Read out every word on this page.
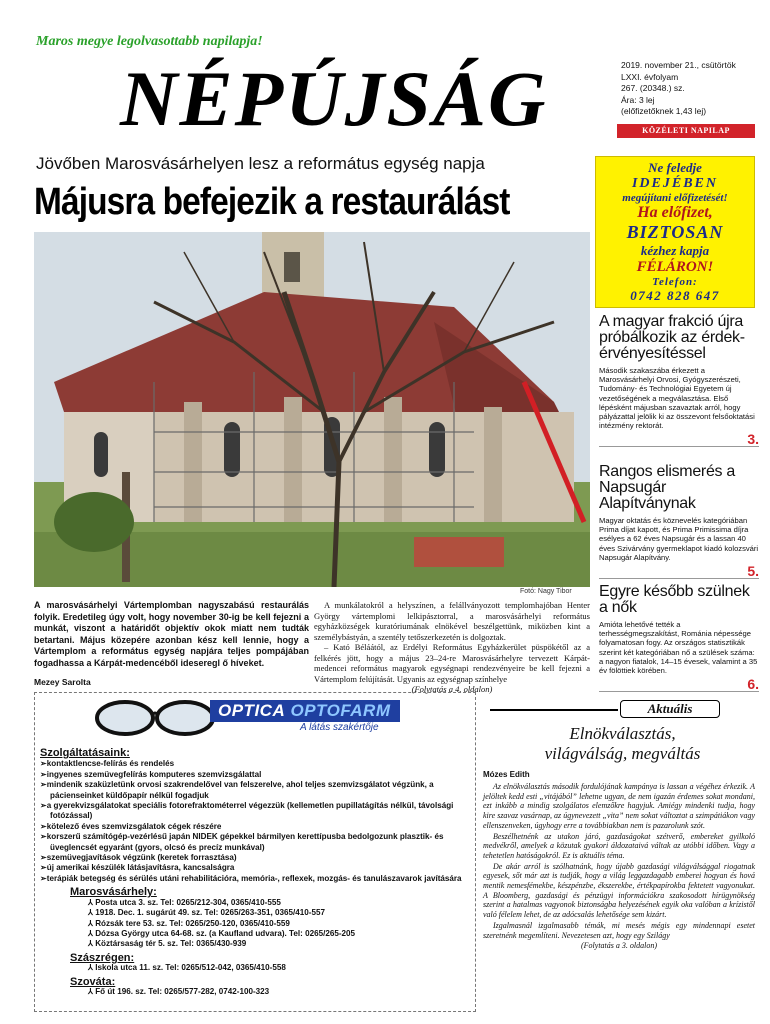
Maros megye legolvasottabb napilapja!
NÉPÚJSÁG	2019. november 21., csütörtök
LXXI. évfolyam
267. (20348.) sz.
Ára: 3 lej
(előfizetőknek 1,43 lej)
KÖZÉLETI NAPILAP
Jövőben Marosvásárhelyen lesz a református egység napja
Májusra befejezik a restaurálást
Fotó: Nagy Tibor
A marosvásárhelyi Vártemplomban nagyszabású restaurálás folyik. Eredetileg úgy volt, hogy november 30-ig be kell fejezni a munkát, viszont a határidőt objektív okok miatt nem tudták betartani. Május közepére azonban kész kell lennie, hogy a Vártemplom a református egység napjára teljes pompájában fogadhassa a Kárpát-medencéből ideseregl ő híveket.
Mezey Sarolta

A munkálatokról a helyszínen, a felállványozott templomhajóban Henter György vártemplomi lelkipásztorral, a marosvásárhelyi református egyházközségek kuratóriumának elnökével beszélgettünk, miközben kint a személybástyán, a szentély tetőszerkezetén is dolgoztak.

– Kató Béláától, az Erdélyi Református Egyházkerület püspökétől az a felkérés jött, hogy a május 23–24-re Marosvásárhelyre tervezett Kárpát-medencei református magyarok egységnapi rendezvényeire be kell fejezni a Vártemplom felújítását. Ugyanis az egységnap színhelye

(Folytatás a 4. oldalon)
Ne feledje
IDEJÉBEN
megújítani előfizetését!
Ha előfizet,
BIZTOSAN
kézhez kapja
FÉLÁRON!
Telefon:
0742 828 647
A magyar frakció újra próbálkozik az érdek-érvényesítéssel

Második szakaszába érkezett a Marosvásárhelyi Orvosi, Gyógyszerészeti, Tudomány- és Technológiai Egyetem új vezetőségének a megválasztása. Első lépésként májusban szavaztak arról, hogy pályázattal jelölik ki az összevont felsőoktatási intézmény rektorát.

3.
Rangos elismerés a Napsugár Alapítványnak

Magyar oktatás és köznevelés kategóriában Prima díjat kapott, és Prima Primissima díjra esélyes a 62 éves Napsugár és a lassan 40 éves Szivárvány gyermeklapot kiadó kolozsvári Napsugár Alapítvány.

5.
Egyre később szülnek a nők

Amióta lehetővé tették a terhességmegszakítást, Románia népessége folyamatosan fogy. Az országos statisztikák szerint két kategóriában nő a szülések száma: a nagyon fiatalok, 14–15 évesek, valamint a 35 év fölöttiek körében.

6.
OPTICA OPTOFARM
A látás szakértője
Szolgáltatásaink:
➢kontaktlencse-felírás és rendelés
➢ingyenes szemüvegfelírás komputeres szemvizsgálattal
➢mindenik szaküzletünk orvosi szakrendelővel van felszerelve, ahol teljes szemvizsgálatot végzünk, a pácienseinket küldőpapír nélkül fogadjuk
➢a gyerekvizsgálatokat speciális fotorefraktométerrel végezzük (kellemetlen pupillatágítás nélkül, távolsági fotózással)
➢kötelező éves szemvizsgálatok cégek részére
➢korszerű számítógép-vezérlésű japán NIDEK gépekkel bármilyen kerettípusba bedolgozunk plasztik- és üveglencsét egyaránt (gyors, olcsó és precíz munkával)
➢szemüvegjavítások végzünk (keretek forrasztása)
➢új amerikai készülék látásjavításra, kancsalságra
➢terápiák betegség és sérülés utáni rehabilitációra, memória-, reflexek, mozgás- és tanulászavarok javítására
Marosvásárhely:
⅄ Posta utca 3. sz. Tel: 0265/212-304, 0365/410-555
⅄ 1918. Dec. 1. sugárút 49. sz. Tel: 0265/263-351, 0365/410-557
⅄ Rózsák tere 53. sz. Tel: 0265/250-120, 0365/410-559
⅄ Dózsa György utca 64-68. sz. (a Kaufland udvara). Tel: 0265/265-205
⅄ Köztársaság tér 5. sz. Tel: 0365/430-939
Szászrégen:
⅄ Iskola utca 11. sz. Tel: 0265/512-042, 0365/410-558
Szováta:
⅄ Fő út 196. sz. Tel: 0265/577-282, 0742-100-323
Aktuális
Elnökválasztás,
világválság, megváltás
Mózes Edith

Az elnökválasztás második fordulójának kampánya is lassan a végéhez érkezik. A jelöltek kedd esti „vitájából” lehetne ugyan, de nem igazán érdemes sokat mondani, ezt inkább a mindig szolgálatos elemzőkre hagyjuk. Amiégy mindenki tudja, hogy kire szavaz vasárnap, az úgynevezett „vita” nem sokat változtat a szimpátiákon vagy ellenszenveken, úgyhogy erre a továbbiakban nem is pazarolunk szót.

Beszélhetnénk az utakon járó, gazdaságokat szétverő, embereket gyilkoló medvékről, amelyek a közutak gyakori áldozataivá váltak az utóbbi időben. Vagy a tehetetlen hatóságokról. Ez is aktuális téma.

De akár arról is szólhatnánk, hogy újabb gazdasági világválsággal riogatnak egyesek, sőt már azt is tudják, hogy a világ leggazdagabb emberei hogyan és hová mentik nemesfémekbe, készpénzbe, ékszerekbe, értékpapírokba fektetett vagyonukat. A Bloomberg, gazdasági és pénzügyi információkra szakosodott hírügynökség szerint a hatalmas vagyonok biztonságba helyezésének egyik oka valóban a krízistől való félelem lehet, de az adócsalás lehetősége sem kizárt.

Izgalmasnál izgalmasabb témák, mi mesés mégis egy mindennapi esetet szeretnénk megemlíteni. Nevezetesen azt, hogy egy Szilágy

(Folytatás a 3. oldalon)
